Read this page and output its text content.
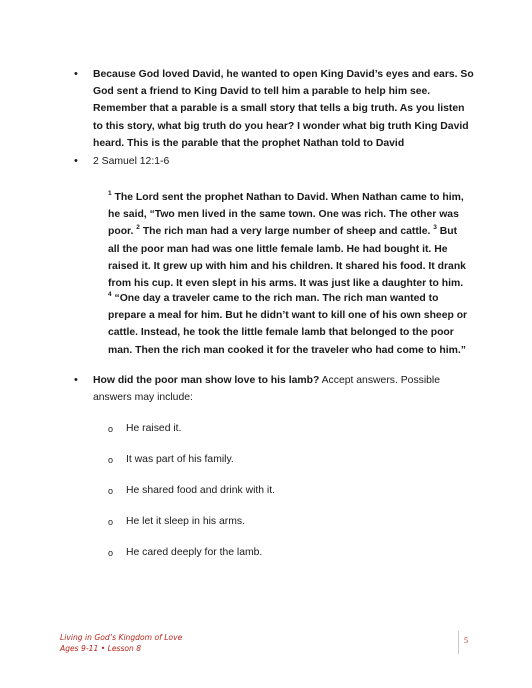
• Because God loved David, he wanted to open King David’s eyes and ears. So God sent a friend to King David to tell him a parable to help him see. Remember that a parable is a small story that tells a big truth. As you listen to this story, what big truth do you hear? I wonder what big truth King David heard. This is the parable that the prophet Nathan told to David
• 2 Samuel 12:1-6
$^1$ The Lord sent the prophet Nathan to David. When Nathan came to him, he said, “Two men lived in the same town. One was rich. The other was poor. $^2$ The rich man had a very large number of sheep and cattle. $^3$ But all the poor man had was one little female lamb. He had bought it. He raised it. It grew up with him and his children. It shared his food. It drank from his cup. It even slept in his arms. It was just like a daughter to him.
$^4$ “One day a traveler came to the rich man. The rich man wanted to prepare a meal for him. But he didn’t want to kill one of his own sheep or cattle. Instead, he took the little female lamb that belonged to the poor man. Then the rich man cooked it for the traveler who had come to him.”
• How did the poor man show love to his lamb? Accept answers. Possible answers may include:
o He raised it.
o It was part of his family.
o He shared food and drink with it.
o He let it sleep in his arms.
o He cared deeply for the lamb.
Living in God’s Kingdom of Love
Ages 9-11 • Lesson 8
5
